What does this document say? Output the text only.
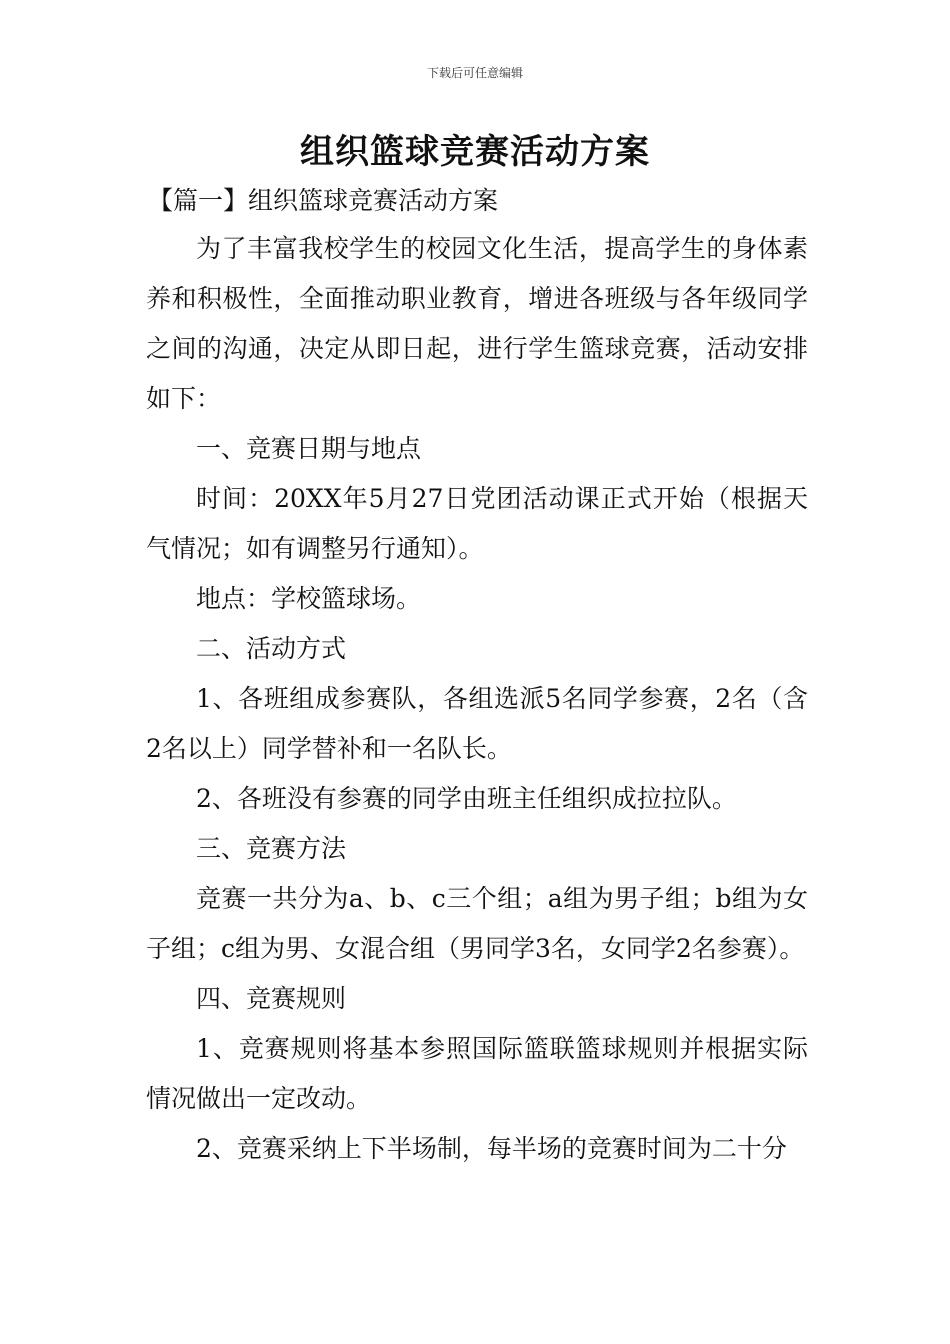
下载后可任意编辑
组织篮球竞赛活动方案
【篇一】组织篮球竞赛活动方案

为了丰富我校学生的校园文化生活，提高学生的身体素养和积极性，全面推动职业教育，增进各班级与各年级同学之间的沟通，决定从即日起，进行学生篮球竞赛，活动安排如下：

一、竞赛日期与地点

时间：20XX年5月27日党团活动课正式开始（根据天气情况；如有调整另行通知）。

地点：学校篮球场。

二、活动方式

1、各班组成参赛队，各组选派5名同学参赛，2名（含2名以上）同学替补和一名队长。

2、各班没有参赛的同学由班主任组织成拉拉队。

三、竞赛方法

竞赛一共分为a、b、c三个组；a组为男子组；b组为女子组；c组为男、女混合组（男同学3名，女同学2名参赛）。

四、竞赛规则

1、竞赛规则将基本参照国际篮联篮球规则并根据实际情况做出一定改动。

2、竞赛采纳上下半场制，每半场的竞赛时间为二十分
